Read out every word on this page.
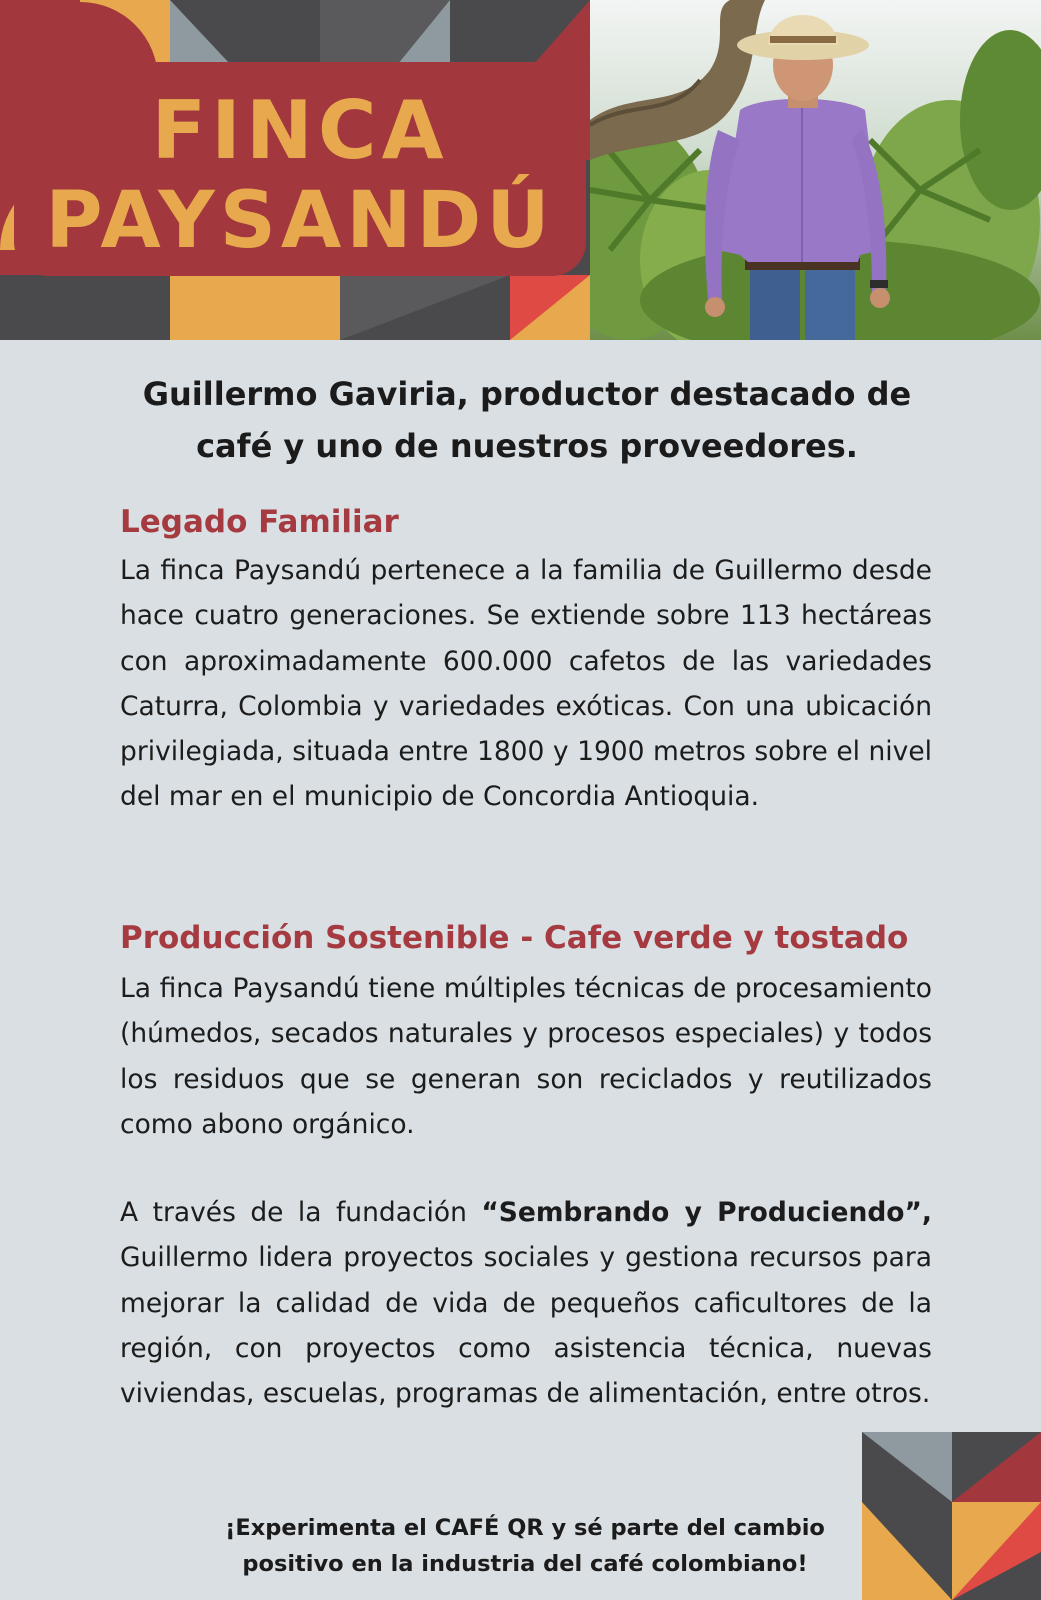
FINCA
PAYSANDÚ
Guillermo Gaviria, productor destacado de café y uno de nuestros proveedores.
Legado Familiar

La finca Paysandú pertenece a la familia de Guillermo desde hace cuatro generaciones. Se extiende sobre 113 hectáreas con aproximadamente 600.000 cafetos de las variedades Caturra, Colombia y variedades exóticas. Con una ubicación privilegiada, situada entre 1800 y 1900 metros sobre el nivel del mar en el municipio de Concordia Antioquia.

Producción Sostenible - Cafe verde y tostado

La finca Paysandú tiene múltiples técnicas de procesamiento (húmedos, secados naturales y procesos especiales) y todos los residuos que se generan son reciclados y reutilizados como abono orgánico.

A través de la fundación “Sembrando y Produciendo”, Guillermo lidera proyectos sociales y gestiona recursos para mejorar la calidad de vida de pequeños caficultores de la región, con proyectos como asistencia técnica, nuevas viviendas, escuelas, programas de alimentación, entre otros.

¡Experimenta el CAFÉ QR y sé parte del cambio
positivo en la industria del café colombiano!
